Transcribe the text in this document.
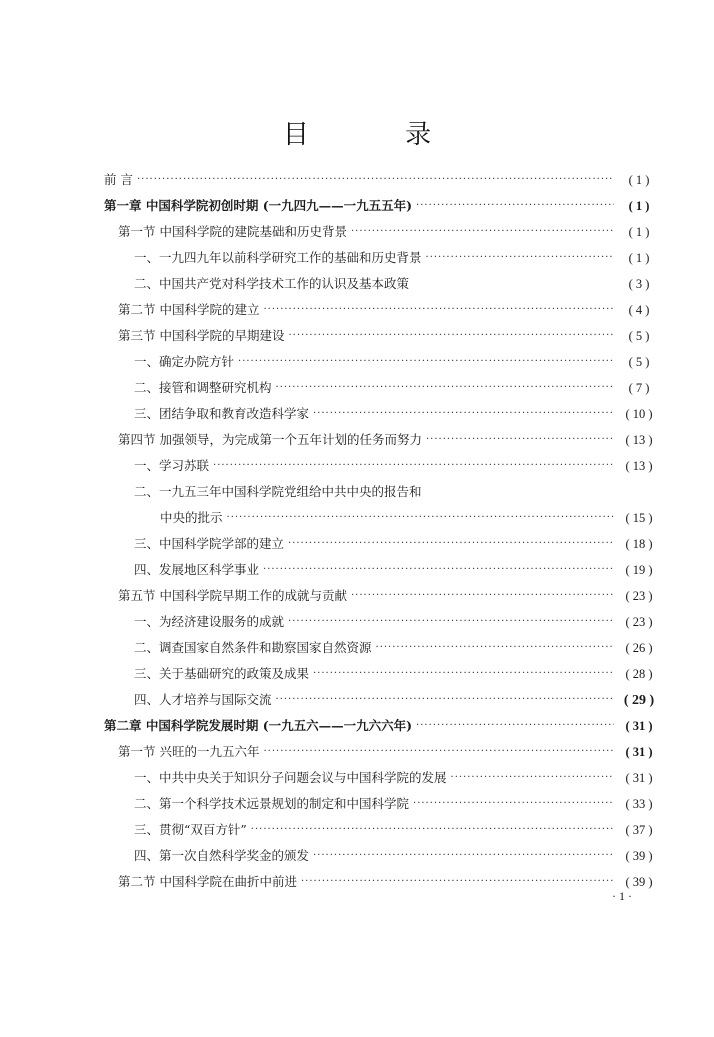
目 录
前 言 ·····	( 1 )
第一章 中国科学院初创时期 (一九四九——一九五五年) ·····	( 1 )
第一节 中国科学院的建院基础和历史背景 ·····	( 1 )
一、一九四九年以前科学研究工作的基础和历史背景 ·····	( 1 )
二、中国共产党对科学技术工作的认识及基本政策	( 3 )
第二节 中国科学院的建立 ·····	( 4 )
第三节 中国科学院的早期建设 ·····	( 5 )
一、确定办院方针 ·····	( 5 )
二、接管和调整研究机构 ·····	( 7 )
三、团结争取和教育改造科学家 ·····	( 10 )
第四节 加强领导，为完成第一个五年计划的任务而努力 ·····	( 13 )
一、学习苏联 ·····	( 13 )
二、一九五三年中国科学院党组给中共中央的报告和
中央的批示 ·····	( 15 )
三、中国科学院学部的建立 ·····	( 18 )
四、发展地区科学事业 ·····	( 19 )
第五节 中国科学院早期工作的成就与贡献 ·····	( 23 )
一、为经济建设服务的成就 ·····	( 23 )
二、调查国家自然条件和勘察国家自然资源 ·····	( 26 )
三、关于基础研究的政策及成果 ·····	( 28 )
四、人才培养与国际交流 ·····	( 29 )
第二章 中国科学院发展时期 (一九五六——一九六六年) ·····	( 31 )
第一节 兴旺的一九五六年 ·····	( 31 )
一、中共中央关于知识分子问题会议与中国科学院的发展 ·····	( 31 )
二、第一个科学技术远景规划的制定和中国科学院 ·····	( 33 )
三、贯彻“双百方针” ·····	( 37 )
四、第一次自然科学奖金的颁发 ·····	( 39 )
第二节 中国科学院在曲折中前进 ·····	( 39 )
· 1 ·
